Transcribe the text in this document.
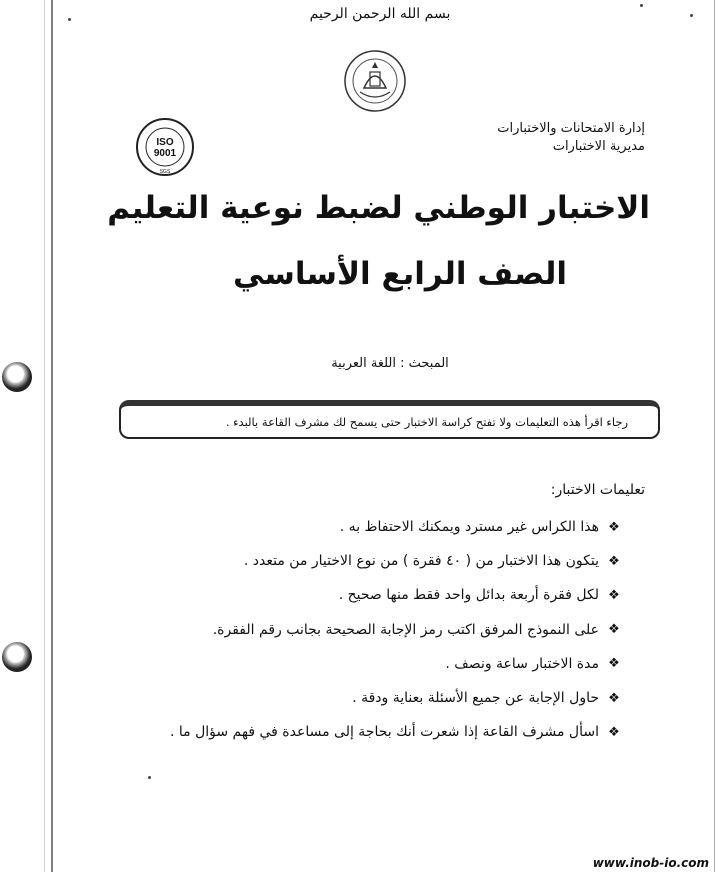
بسم الله الرحمن الرحيم
إدارة الامتحانات والاختبارات
مديرية الاختبارات
ISO
9001
SGS
الاختبار الوطني لضبط نوعية التعليم
الصف الرابع الأساسي
المبحث : اللغة العربية
رجاء اقرأ هذه التعليمات ولا تفتح كراسة الاختبار حتى يسمح لك مشرف القاعة بالبدء .
تعليمات الاختبار:
❖
هذا الكراس غير مسترد ويمكنك الاحتفاظ به .
❖
يتكون هذا الاختبار من ( ٤٠ فقرة ) من نوع الاختيار من متعدد .
❖
لكل فقرة أربعة بدائل واحد فقط منها صحيح .
❖
على النموذج المرفق اكتب رمز الإجابة الصحيحة بجانب رقم الفقرة.
❖
مدة الاختبار ساعة ونصف .
❖
حاول الإجابة عن جميع الأسئلة بعناية ودقة .
❖
اسأل مشرف القاعة إذا شعرت أنك بحاجة إلى مساعدة في فهم سؤال ما .
www.inob-io.com
